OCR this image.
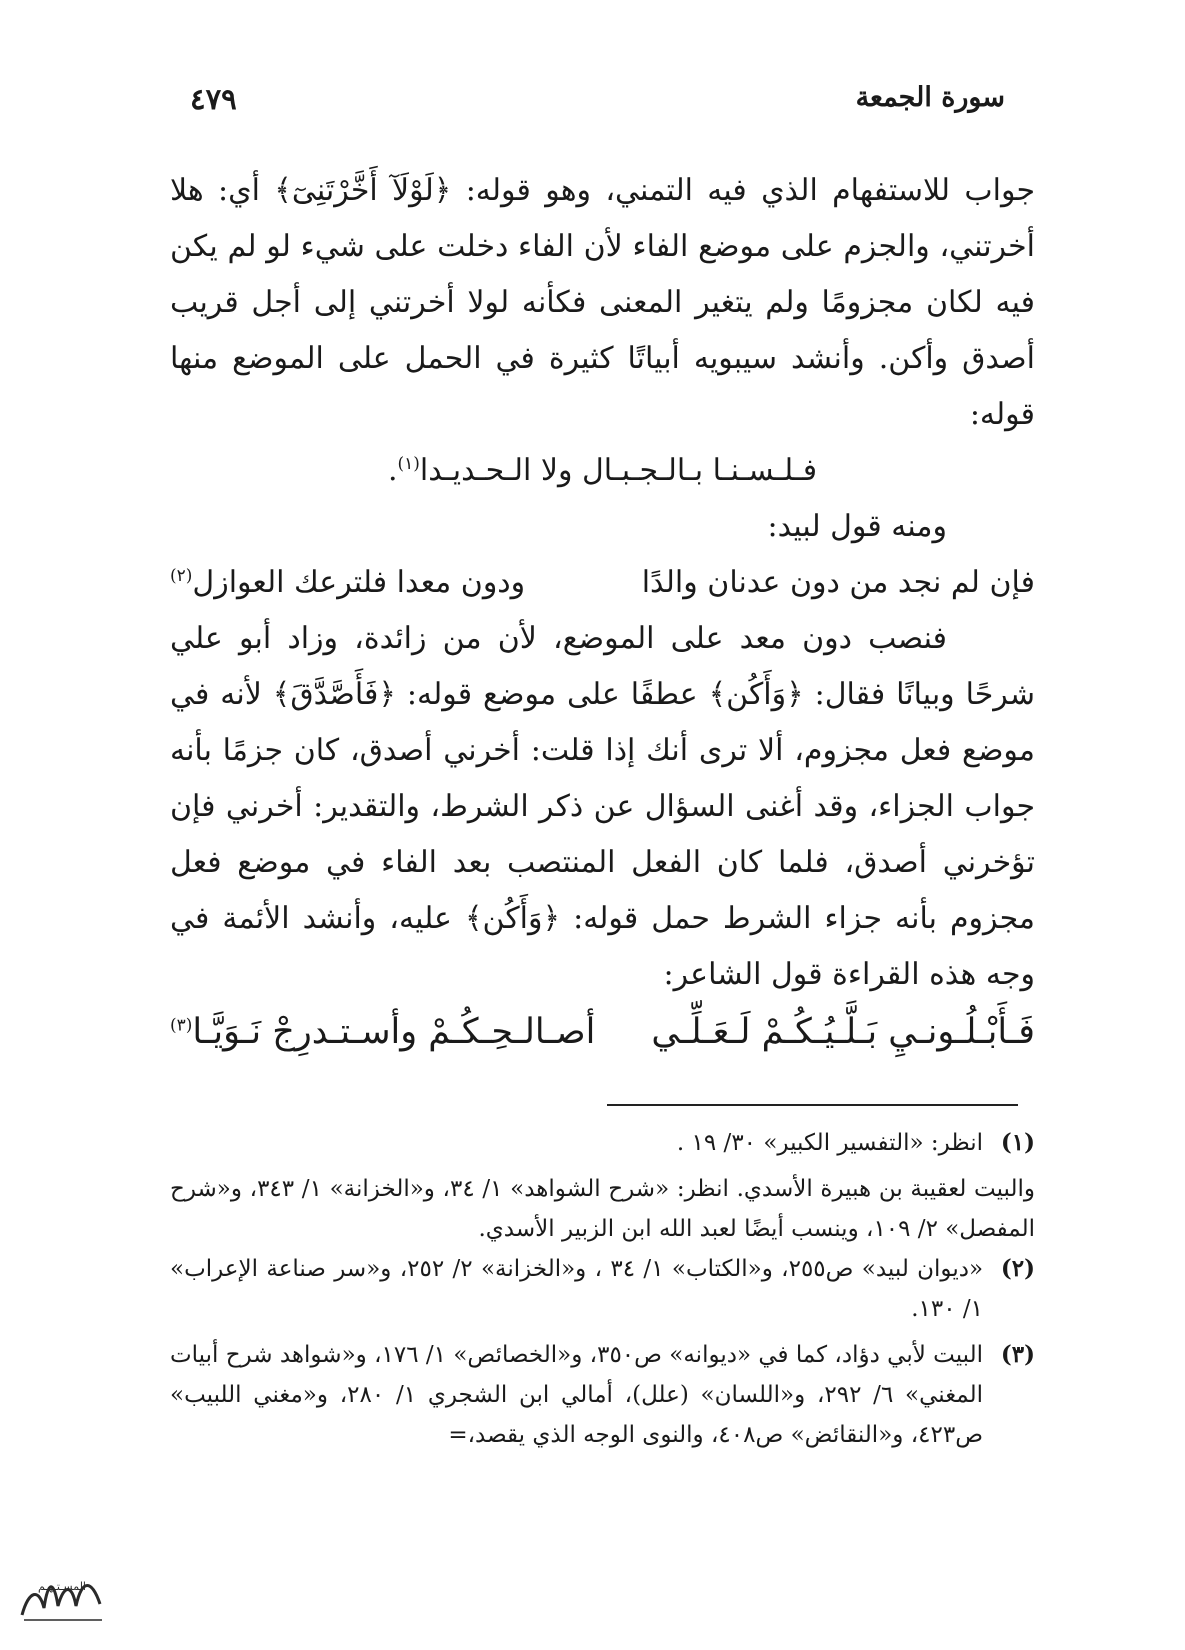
سورة الجمعة
٤٧٩

جواب للاستفهام الذي فيه التمني، وهو قوله: ﴿لَوْلَآ أَخَّرْتَنِىٓ﴾ أي: هلا أخرتني، والجزم على موضع الفاء لأن الفاء دخلت على شيء لو لم يكن فيه لكان مجزومًا ولم يتغير المعنى فكأنه لولا أخرتني إلى أجل قريب أصدق وأكن. وأنشد سيبويه أبياتًا كثيرة في الحمل على الموضع منها قوله:

فـلـسـنـا بـالـجـبـال ولا الـحـديـدا$^{(١)}$.

ومنه قول لبيد:

فإن لم نجد من دون عدنان والدًا
ودون معدا فلترعك العوازل$^{(٢)}$

فنصب دون معد على الموضع، لأن من زائدة، وزاد أبو علي شرحًا وبيانًا فقال: ﴿وَأَكُن﴾ عطفًا على موضع قوله: ﴿فَأَصَّدَّقَ﴾ لأنه في موضع فعل مجزوم، ألا ترى أنك إذا قلت: أخرني أصدق، كان جزمًا بأنه جواب الجزاء، وقد أغنى السؤال عن ذكر الشرط، والتقدير: أخرني فإن تؤخرني أصدق، فلما كان الفعل المنتصب بعد الفاء في موضع فعل مجزوم بأنه جزاء الشرط حمل قوله: ﴿وَأَكُن﴾ عليه، وأنشد الأئمة في وجه هذه القراءة قول الشاعر:

فَـأَبْـلُـونـيِ بَـلَّـيُـكُـمْ لَـعَـلِّـي
أصـالـحِـكُـمْ وأسـتـدرِجْ نَـوَيَّـا$^{(٣)}$
(١)
انظر: «التفسير الكبير» ٣٠/ ١٩ .
والبيت لعقيبة بن هبيرة الأسدي. انظر: «شرح الشواهد» ١/ ٣٤، و«الخزانة» ١/ ٣٤٣، و«شرح المفصل» ٢/ ١٠٩، وينسب أيضًا لعبد الله ابن الزبير الأسدي.
(٢)
«ديوان لبيد» ص٢٥٥، و«الكتاب» ١/ ٣٤ ، و«الخزانة» ٢/ ٢٥٢، و«سر صناعة الإعراب» ١/ ١٣٠.
(٣)
البيت لأبي دؤاد، كما في «ديوانه» ص٣٥٠، و«الخصائص» ١/ ١٧٦، و«شواهد شرح أبيات المغني» ٦/ ٢٩٢، و«اللسان» (علل)، أمالي ابن الشجري ١/ ٢٨٠، و«مغني اللبيب» ص٤٢٣، و«النقائض» ص٤٠٨، والنوى الوجه الذي يقصد،=
المسـتـهـم
